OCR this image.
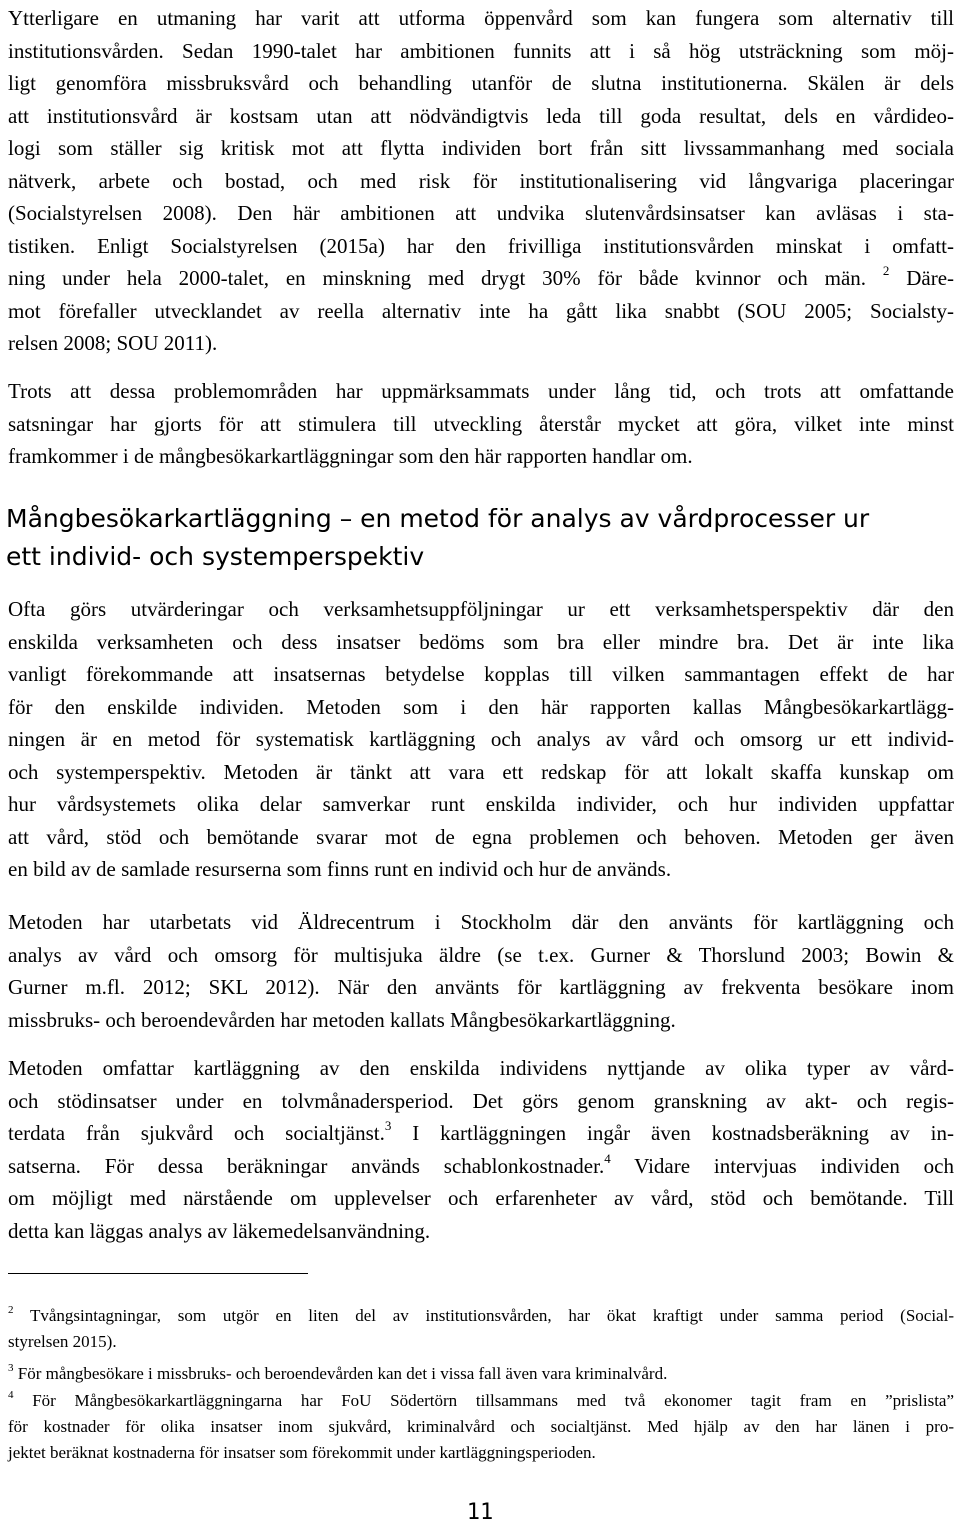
Ytterligare en utmaning har varit att utforma öppenvård som kan fungera som alternativ till
institutionsvården. Sedan 1990-talet har ambitionen funnits att i så hög utsträckning som möj-
ligt genomföra missbruksvård och behandling utanför de slutna institutionerna. Skälen är dels
att institutionsvård är kostsam utan att nödvändigtvis leda till goda resultat, dels en vårdideo-
logi som ställer sig kritisk mot att flytta individen bort från sitt livssammanhang med sociala
nätverk, arbete och bostad, och med risk för institutionalisering vid långvariga placeringar
(Socialstyrelsen 2008). Den här ambitionen att undvika slutenvårdsinsatser kan avläsas i sta-
tistiken. Enligt Socialstyrelsen (2015a) har den frivilliga institutionsvården minskat i omfatt-
ning under hela 2000-talet, en minskning med drygt 30% för både kvinnor och män. $^2$ Däre-
mot förefaller utvecklandet av reella alternativ inte ha gått lika snabbt (SOU 2005; Socialsty-
relsen 2008; SOU 2011).
Trots att dessa problemområden har uppmärksammats under lång tid, och trots att omfattande
satsningar har gjorts för att stimulera till utveckling återstår mycket att göra, vilket inte minst
framkommer i de mångbesökarkartläggningar som den här rapporten handlar om.
Mångbesökarkartläggning – en metod för analys av vårdprocesser ur
ett individ- och systemperspektiv
Ofta görs utvärderingar och verksamhetsuppföljningar ur ett verksamhetsperspektiv där den
enskilda verksamheten och dess insatser bedöms som bra eller mindre bra. Det är inte lika
vanligt förekommande att insatsernas betydelse kopplas till vilken sammantagen effekt de har
för den enskilde individen. Metoden som i den här rapporten kallas Mångbesökarkartlägg-
ningen är en metod för systematisk kartläggning och analys av vård och omsorg ur ett individ-
och systemperspektiv. Metoden är tänkt att vara ett redskap för att lokalt skaffa kunskap om
hur vårdsystemets olika delar samverkar runt enskilda individer, och hur individen uppfattar
att vård, stöd och bemötande svarar mot de egna problemen och behoven. Metoden ger även
en bild av de samlade resurserna som finns runt en individ och hur de används.
Metoden har utarbetats vid Äldrecentrum i Stockholm där den använts för kartläggning och
analys av vård och omsorg för multisjuka äldre (se t.ex. Gurner & Thorslund 2003; Bowin &
Gurner m.fl. 2012; SKL 2012). När den använts för kartläggning av frekventa besökare inom
missbruks- och beroendevården har metoden kallats Mångbesökarkartläggning.
Metoden omfattar kartläggning av den enskilda individens nyttjande av olika typer av vård-
och stödinsatser under en tolvmånadersperiod. Det görs genom granskning av akt- och regis-
terdata från sjukvård och socialtjänst.$^3$ I kartläggningen ingår även kostnadsberäkning av in-
satserna. För dessa beräkningar används schablonkostnader.$^4$ Vidare intervjuas individen och
om möjligt med närstående om upplevelser och erfarenheter av vård, stöd och bemötande. Till
detta kan läggas analys av läkemedelsanvändning.
$^2$ Tvångsintagningar, som utgör en liten del av institutionsvården, har ökat kraftigt under samma period (Social-
styrelsen 2015).
$^3$ För mångbesökare i missbruks- och beroendevården kan det i vissa fall även vara kriminalvård.
$^4$ För Mångbesökarkartläggningarna har FoU Södertörn tillsammans med två ekonomer tagit fram en ”prislista”
för kostnader för olika insatser inom sjukvård, kriminalvård och socialtjänst. Med hjälp av den har länen i pro-
jektet beräknat kostnaderna för insatser som förekommit under kartläggningsperioden.
11
